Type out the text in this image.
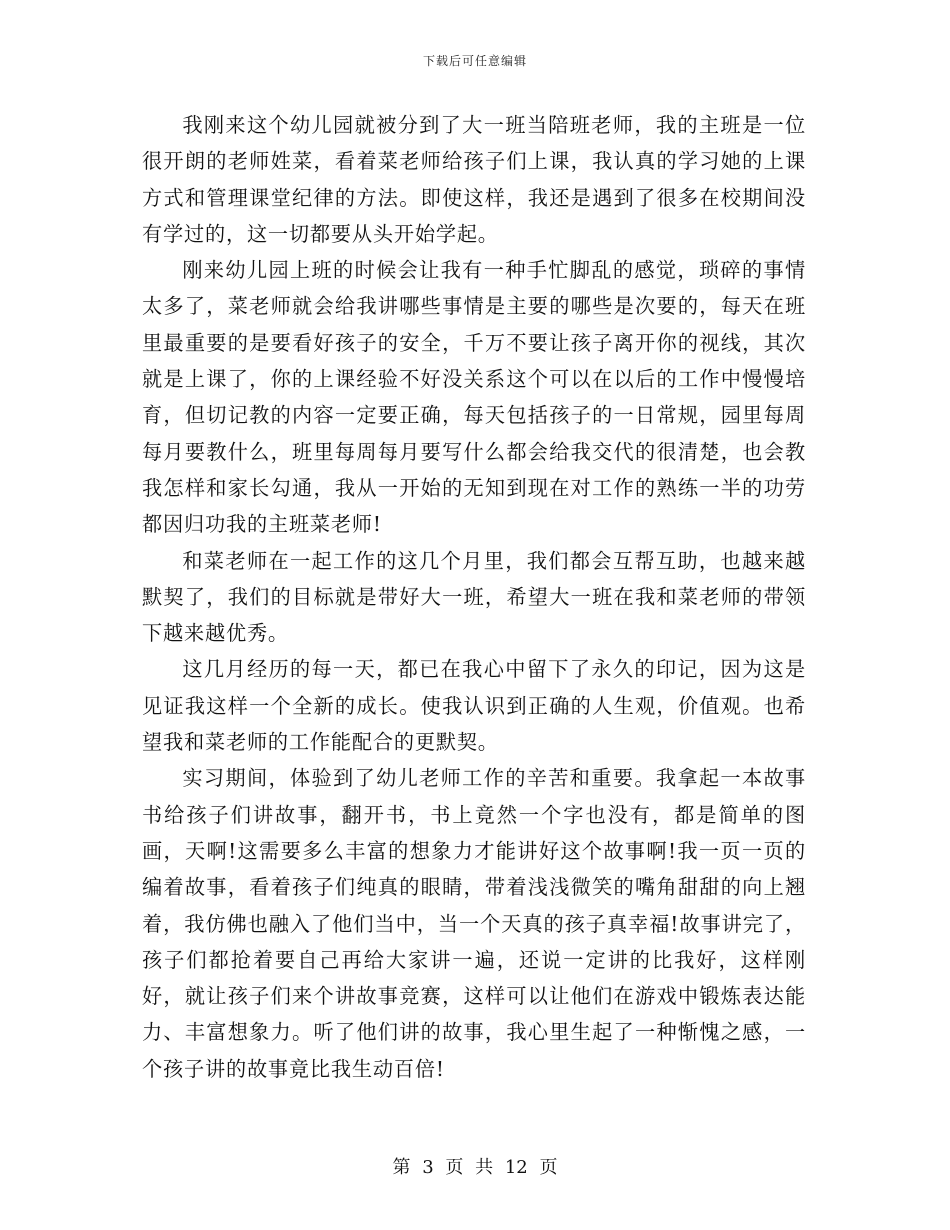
下载后可任意编辑

我刚来这个幼儿园就被分到了大一班当陪班老师，我的主班是一位很开朗的老师姓菜，看着菜老师给孩子们上课，我认真的学习她的上课方式和管理课堂纪律的方法。即使这样，我还是遇到了很多在校期间没有学过的，这一切都要从头开始学起。

刚来幼儿园上班的时候会让我有一种手忙脚乱的感觉，琐碎的事情太多了，菜老师就会给我讲哪些事情是主要的哪些是次要的，每天在班里最重要的是要看好孩子的安全，千万不要让孩子离开你的视线，其次就是上课了，你的上课经验不好没关系这个可以在以后的工作中慢慢培育，但切记教的内容一定要正确，每天包括孩子的一日常规，园里每周每月要教什么，班里每周每月要写什么都会给我交代的很清楚，也会教我怎样和家长勾通，我从一开始的无知到现在对工作的熟练一半的功劳都因归功我的主班菜老师!

和菜老师在一起工作的这几个月里，我们都会互帮互助，也越来越默契了，我们的目标就是带好大一班，希望大一班在我和菜老师的带领下越来越优秀。

这几月经历的每一天，都已在我心中留下了永久的印记，因为这是见证我这样一个全新的成长。使我认识到正确的人生观，价值观。也希望我和菜老师的工作能配合的更默契。

实习期间，体验到了幼儿老师工作的辛苦和重要。我拿起一本故事书给孩子们讲故事，翻开书，书上竟然一个字也没有，都是简单的图画，天啊!这需要多么丰富的想象力才能讲好这个故事啊!我一页一页的编着故事，看着孩子们纯真的眼睛，带着浅浅微笑的嘴角甜甜的向上翘着，我仿佛也融入了他们当中，当一个天真的孩子真幸福!故事讲完了，孩子们都抢着要自己再给大家讲一遍，还说一定讲的比我好，这样刚好，就让孩子们来个讲故事竞赛，这样可以让他们在游戏中锻炼表达能力、丰富想象力。听了他们讲的故事，我心里生起了一种惭愧之感，一个孩子讲的故事竟比我生动百倍!

第 3 页 共 12 页
